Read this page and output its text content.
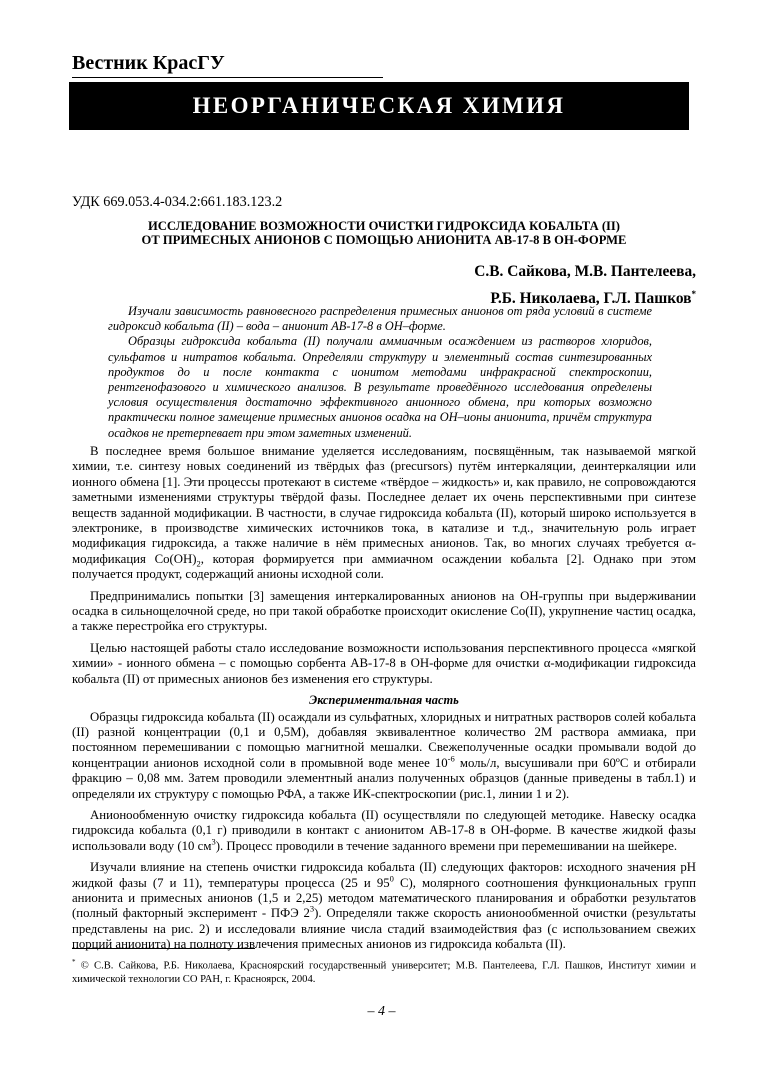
Вестник КрасГУ
НЕОРГАНИЧЕСКАЯ ХИМИЯ
УДК 669.053.4-034.2:661.183.123.2
ИССЛЕДОВАНИЕ ВОЗМОЖНОСТИ ОЧИСТКИ ГИДРОКСИДА КОБАЛЬТА (II)
ОТ ПРИМЕСНЫХ АНИОНОВ С ПОМОЩЬЮ АНИОНИТА АВ-17-8 В ОН-ФОРМЕ
С.В. Сайкова, М.В. Пантелеева,
Р.Б. Николаева, Г.Л. Пашков*

Изучали зависимость равновесного распределения примесных анионов от ряда условий в системе гидроксид кобальта (II) – вода – анионит АВ-17-8 в ОН–форме.

Образцы гидроксида кобальта (II) получали аммиачным осаждением из растворов хлоридов, сульфатов и нитратов кобальта. Определяли структуру и элементный состав синтезированных продуктов до и после контакта с ионитом методами инфракрасной спектроскопии, рентгенофазового и химического анализов. В результате проведённого исследования определены условия осуществления достаточно эффективного анионного обмена, при которых возможно практически полное замещение примесных анионов осадка на ОН–ионы анионита, причём структура осадков не претерпевает при этом заметных изменений.

В последнее время большое внимание уделяется исследованиям, посвящённым, так называемой мягкой химии, т.е. синтезу новых соединений из твёрдых фаз (precursors) путём интеркаляции, деинтеркаляции или ионного обмена [1]. Эти процессы протекают в системе «твёрдое – жидкость» и, как правило, не сопровождаются заметными изменениями структуры твёрдой фазы. Последнее делает их очень перспективными при синтезе веществ заданной модификации. В частности, в случае гидроксида кобальта (II), который широко используется в электронике, в производстве химических источников тока, в катализе и т.д., значительную роль играет модификация гидроксида, а также наличие в нём примесных анионов. Так, во многих случаях требуется α-модификация $Co(OH)_2$, которая формируется при аммиачном осаждении кобальта [2]. Однако при этом получается продукт, содержащий анионы исходной соли.

Предпринимались попытки [3] замещения интеркалированных анионов на ОН-группы при выдерживании осадка в сильнощелочной среде, но при такой обработке происходит окисление Co(II), укрупнение частиц осадка, а также перестройка его структуры.

Целью настоящей работы стало исследование возможности использования перспективного процесса «мягкой химии» - ионного обмена – с помощью сорбента АВ-17-8 в ОН-форме для очистки α-модификации гидроксида кобальта (II) от примесных анионов без изменения его структуры.

Экспериментальная часть

Образцы гидроксида кобальта (II) осаждали из сульфатных, хлоридных и нитратных растворов солей кобальта (II) разной концентрации (0,1 и 0,5М), добавляя эквивалентное количество 2М раствора аммиака, при постоянном перемешивании с помощью магнитной мешалки. Свежеполученные осадки промывали водой до концентрации анионов исходной соли в промывной воде менее $10^{-6}$ моль/л, высушивали при 60ºС и отбирали фракцию – 0,08 мм. Затем проводили элементный анализ полученных образцов (данные приведены в табл.1) и определяли их структуру с помощью РФА, а также ИК-спектроскопии (рис.1, линии 1 и 2).

Анионообменную очистку гидроксида кобальта (II) осуществляли по следующей методике. Навеску осадка гидроксида кобальта (0,1 г) приводили в контакт с анионитом АВ-17-8 в ОН-форме. В качестве жидкой фазы использовали воду (10 $см^3$). Процесс проводили в течение заданного времени при перемешивании на шейкере.

Изучали влияние на степень очистки гидроксида кобальта (II) следующих факторов: исходного значения pH жидкой фазы (7 и 11), температуры процесса (25 и $95^0$ С), молярного соотношения функциональных групп анионита и примесных анионов (1,5 и 2,25) методом математического планирования и обработки результатов (полный факторный эксперимент - ПФЭ $2^3$). Определяли также скорость анионообменной очистки (результаты представлены на рис. 2) и исследовали влияние числа стадий взаимодействия фаз (с использованием свежих порций анионита) на полноту извлечения примесных анионов из гидроксида кобальта (II).

* © С.В. Сайкова, Р.Б. Николаева, Красноярский государственный университет; М.В. Пантелеева, Г.Л. Пашков, Институт химии и химической технологии СО РАН, г. Красноярск, 2004.
– 4 –
